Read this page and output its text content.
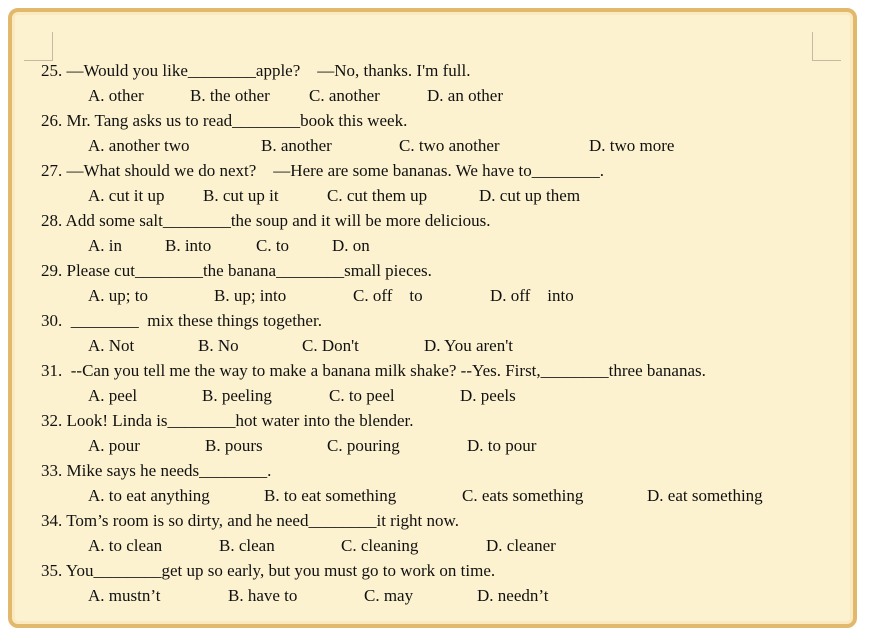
25. —Would you like________apple?    —No, thanks. I'm full.
A. other	B. the other C. another	D. an other
26. Mr. Tang asks us to read________book this week.
A. another two	B. another	C. two another	D. two more
27. —What should we do next?    —Here are some bananas. We have to________.
A. cut it up B. cut up it	C. cut them up	D. cut up them
28. Add some salt________the soup and it will be more delicious.
A. in	B. into	C. to	D. on
29. Please cut________the banana________small pieces.
A. up; to	B. up; into	C. off    to	D. off    into
30.  ________  mix these things together.
A. Not	B. No	C. Don't	D. You aren't
31.  --Can you tell me the way to make a banana milk shake? --Yes. First,________three bananas.
A. peel	B. peeling	C. to peel	D. peels
32. Look! Linda is________hot water into the blender.
A. pour	B. pours	C. pouring	D. to pour
33. Mike says he needs________.
A. to eat anything	B. to eat something	C. eats something	D. eat something
34. Tom’s room is so dirty, and he need________it right now.
A. to clean	B. clean	C. cleaning	D. cleaner
35. You________get up so early, but you must go to work on time.
A. mustn’t	B. have to	C. may	D. needn’t
